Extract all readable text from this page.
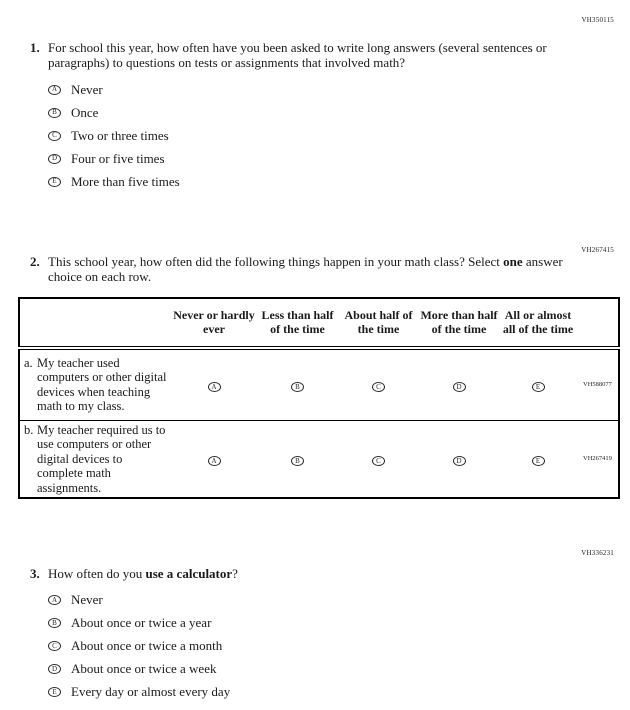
VH350115
1. For school this year, how often have you been asked to write long answers (several sentences or paragraphs) to questions on tests or assignments that involved math?
A	Never
B	Once
C	Two or three times
D	Four or five times
E	More than five times
VH267415
2. This school year, how often did the following things happen in your math class? Select one answer choice on each row.
	Never or hardly ever	Less than half of the time	About half of the time	More than half of the time	All or almost all of the time	

a. My teacher used computers or other digital devices when teaching math to my class.	A	B	C	D	E	VH588077

b. My teacher required us to use computers or other digital devices to complete math assignments.	A	B	C	D	E	VH267419
VH336231
3. How often do you use a calculator?
A	Never
B	About once or twice a year
C	About once or twice a month
D	About once or twice a week
E	Every day or almost every day
